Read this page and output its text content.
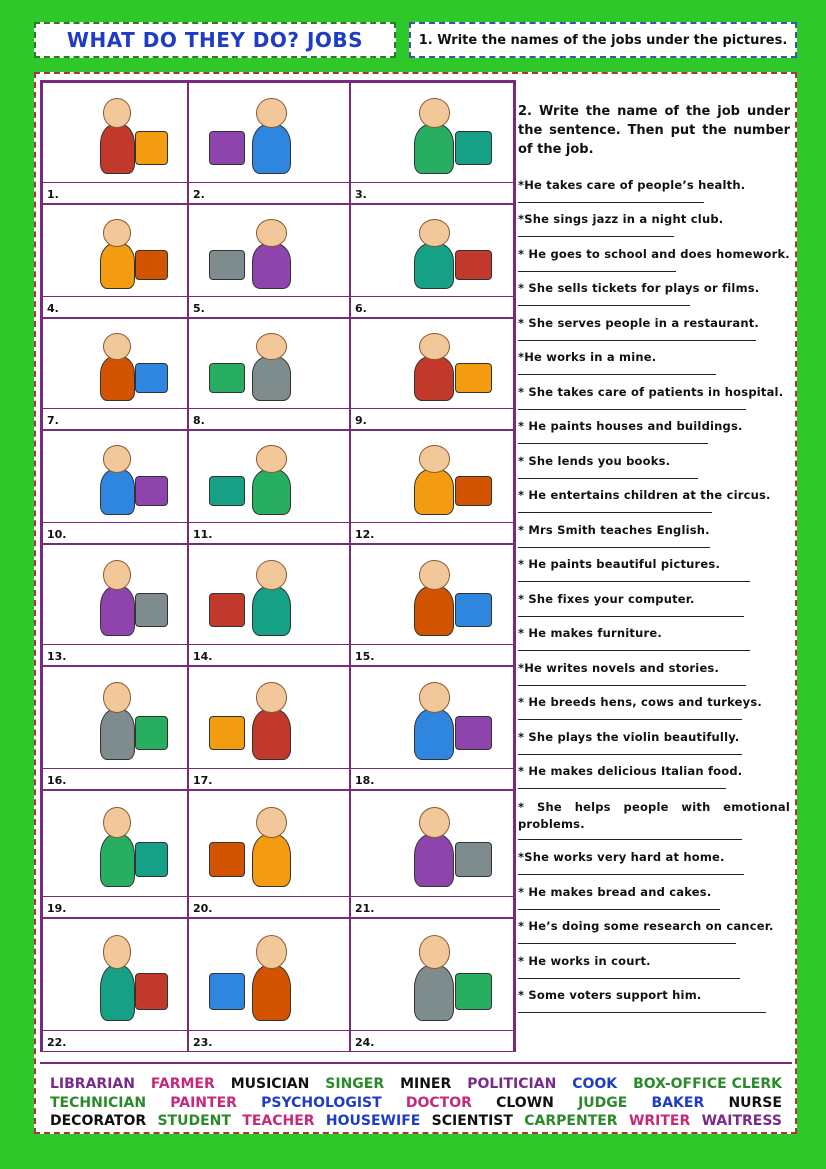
WHAT DO THEY DO? JOBS	1. Write the names of the jobs under the pictures.
1.	2.	3.
4.	5.	6.
7.	8.	9.
10.	11.	12.
13.	14.	15.
16.	17.	18.
19.	20.	21.
22.	23.	24.
2. Write the name of the job under the sentence. Then put the number of the job.
*He takes care of people’s health.
*She sings jazz in a night club.
* He goes to school and does homework.
* She sells tickets for plays or films.
* She serves people in a restaurant.
*He works in a mine.
* She takes care of patients in hospital.
* He paints houses and buildings.
* She lends you books.
* He entertains children at the circus.
* Mrs Smith teaches English.
* He paints beautiful pictures.
* She fixes your computer.
* He makes furniture.
*He writes novels and stories.
* He breeds hens, cows and turkeys.
* She plays the violin beautifully.
* He makes delicious Italian food.
* She helps people with emotional problems.
*She works very hard at home.
* He makes bread and cakes.
* He’s doing some research on cancer.
* He works in court.
* Some voters support him.
LIBRARIAN FARMER MUSICIAN SINGER MINER POLITICIAN COOK BOX-OFFICE CLERK
TECHNICIAN PAINTER PSYCHOLOGIST DOCTOR CLOWN JUDGE BAKER NURSE
DECORATOR STUDENT TEACHER HOUSEWIFE SCIENTIST CARPENTER WRITER WAITRESS
